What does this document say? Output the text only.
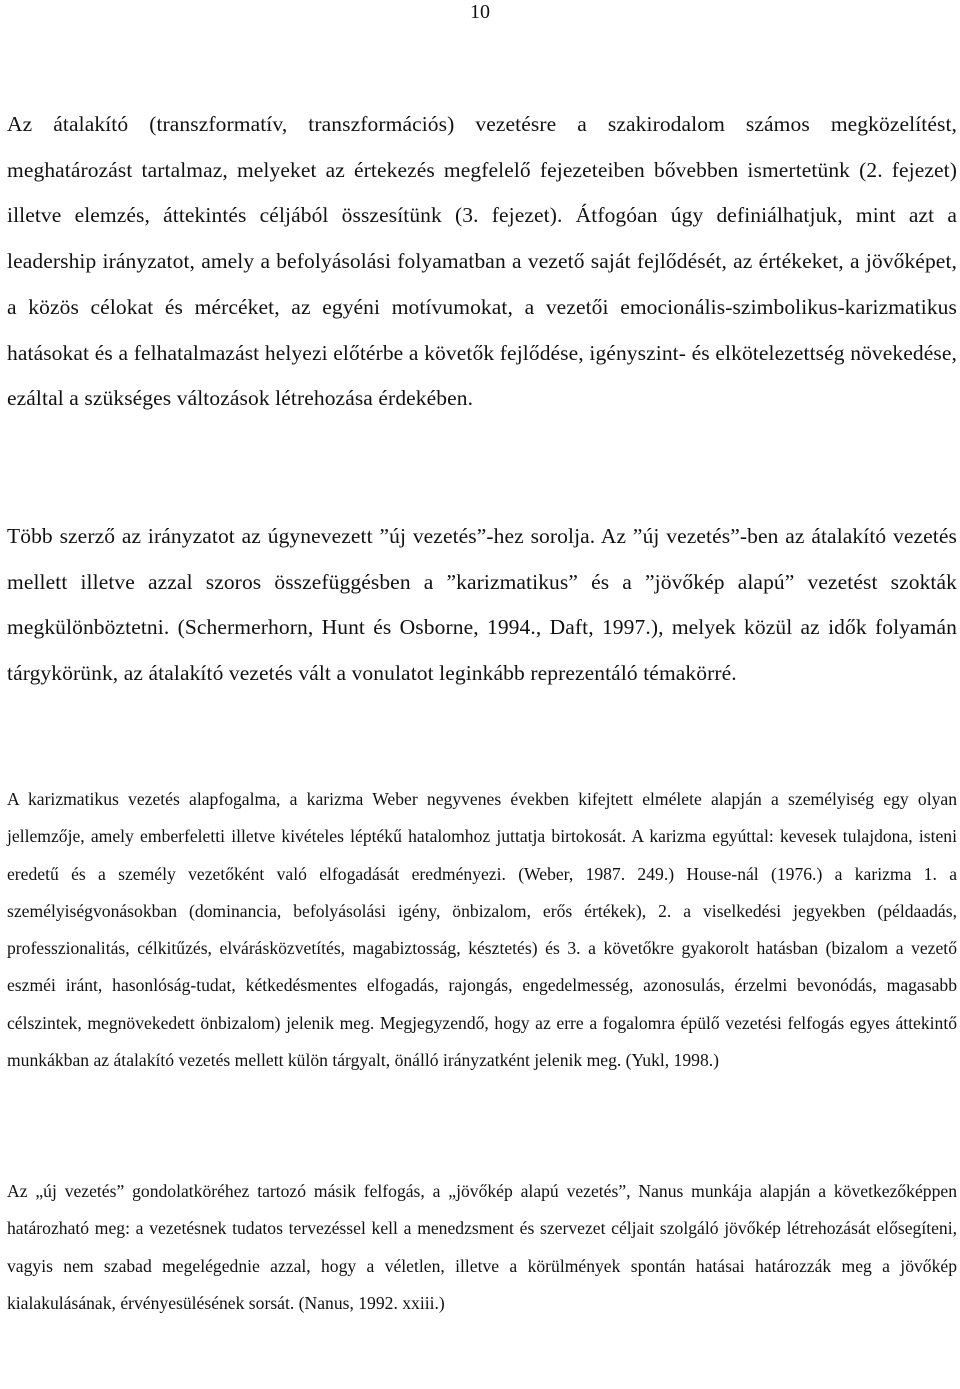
10

Az átalakító (transzformatív, transzformációs) vezetésre a szakirodalom számos megközelítést, meghatározást tartalmaz, melyeket az értekezés megfelelő fejezeteiben bővebben ismertetünk (2. fejezet) illetve elemzés, áttekintés céljából összesítünk (3. fejezet). Átfogóan úgy definiálhatjuk, mint azt a leadership irányzatot, amely a befolyásolási folyamatban a vezető saját fejlődését, az értékeket, a jövőképet, a közös célokat és mércéket, az egyéni motívumokat, a vezetői emocionális-szimbolikus-karizmatikus hatásokat és a felhatalmazást helyezi előtérbe a követők fejlődése, igényszint- és elkötelezettség növekedése, ezáltal a szükséges változások létrehozása érdekében.

Több szerző az irányzatot az úgynevezett ”új vezetés”-hez sorolja. Az ”új vezetés”-ben az átalakító vezetés mellett illetve azzal szoros összefüggésben a ”karizmatikus” és a ”jövőkép alapú” vezetést szokták megkülönböztetni. (Schermerhorn, Hunt és Osborne, 1994., Daft, 1997.), melyek közül az idők folyamán tárgykörünk, az átalakító vezetés vált a vonulatot leginkább reprezentáló témakörré.

A karizmatikus vezetés alapfogalma, a karizma Weber negyvenes években kifejtett elmélete alapján a személyiség egy olyan jellemzője, amely emberfeletti illetve kivételes léptékű hatalomhoz juttatja birtokosát. A karizma egyúttal: kevesek tulajdona, isteni eredetű és a személy vezetőként való elfogadását eredményezi. (Weber, 1987. 249.) House-nál (1976.) a karizma 1. a személyiségvonásokban (dominancia, befolyásolási igény, önbizalom, erős értékek), 2. a viselkedési jegyekben (példaadás, professzionalitás, célkitűzés, elvárásközvetítés, magabiztosság, késztetés) és 3. a követőkre gyakorolt hatásban (bizalom a vezető eszméi iránt, hasonlóság-tudat, kétkedésmentes elfogadás, rajongás, engedelmesség, azonosulás, érzelmi bevonódás, magasabb célszintek, megnövekedett önbizalom) jelenik meg. Megjegyzendő, hogy az erre a fogalomra épülő vezetési felfogás egyes áttekintő munkákban az átalakító vezetés mellett külön tárgyalt, önálló irányzatként jelenik meg. (Yukl, 1998.)

Az „új vezetés” gondolatköréhez tartozó másik felfogás, a „jövőkép alapú vezetés”, Nanus munkája alapján a következőképpen határozható meg: a vezetésnek tudatos tervezéssel kell a menedzsment és szervezet céljait szolgáló jövőkép létrehozását elősegíteni, vagyis nem szabad megelégednie azzal, hogy a véletlen, illetve a körülmények spontán hatásai határozzák meg a jövőkép kialakulásának, érvényesülésének sorsát. (Nanus, 1992. xxiii.)
